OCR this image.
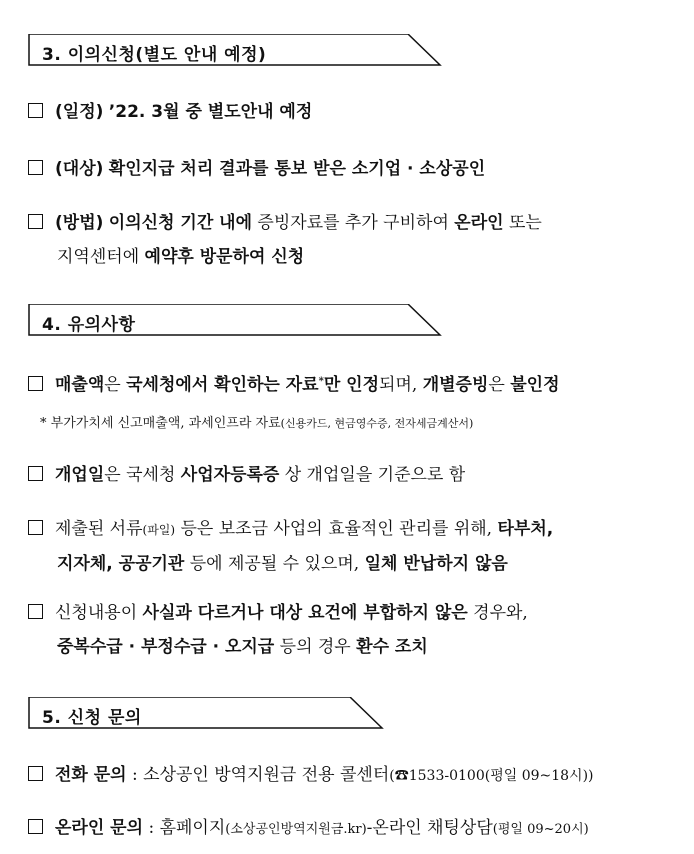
3. 이의신청(별도 안내 예정)
(일정) ’22. 3월 중 별도안내 예정
(대상) 확인지급 처리 결과를 통보 받은 소기업 · 소상공인
(방법) 이의신청 기간 내에 증빙자료를 추가 구비하여 온라인 또는
지역센터에 예약후 방문하여 신청
4. 유의사항
매출액은 국세청에서 확인하는 자료*만 인정되며, 개별증빙은 불인정
* 부가가치세 신고매출액, 과세인프라 자료(신용카드, 현금영수증, 전자세금계산서)
개업일은 국세청 사업자등록증 상 개업일을 기준으로 함
제출된 서류(파일) 등은 보조금 사업의 효율적인 관리를 위해, 타부처,
지자체, 공공기관 등에 제공될 수 있으며, 일체 반납하지 않음
신청내용이 사실과 다르거나 대상 요건에 부합하지 않은 경우와,
중복수급 · 부정수급 · 오지급 등의 경우 환수 조치
5. 신청 문의
전화 문의 : 소상공인 방역지원금 전용 콜센터(☎1533-0100(평일 09~18시))
온라인 문의 : 홈페이지(소상공인방역지원금.kr)-온라인 채팅상담(평일 09~20시)
